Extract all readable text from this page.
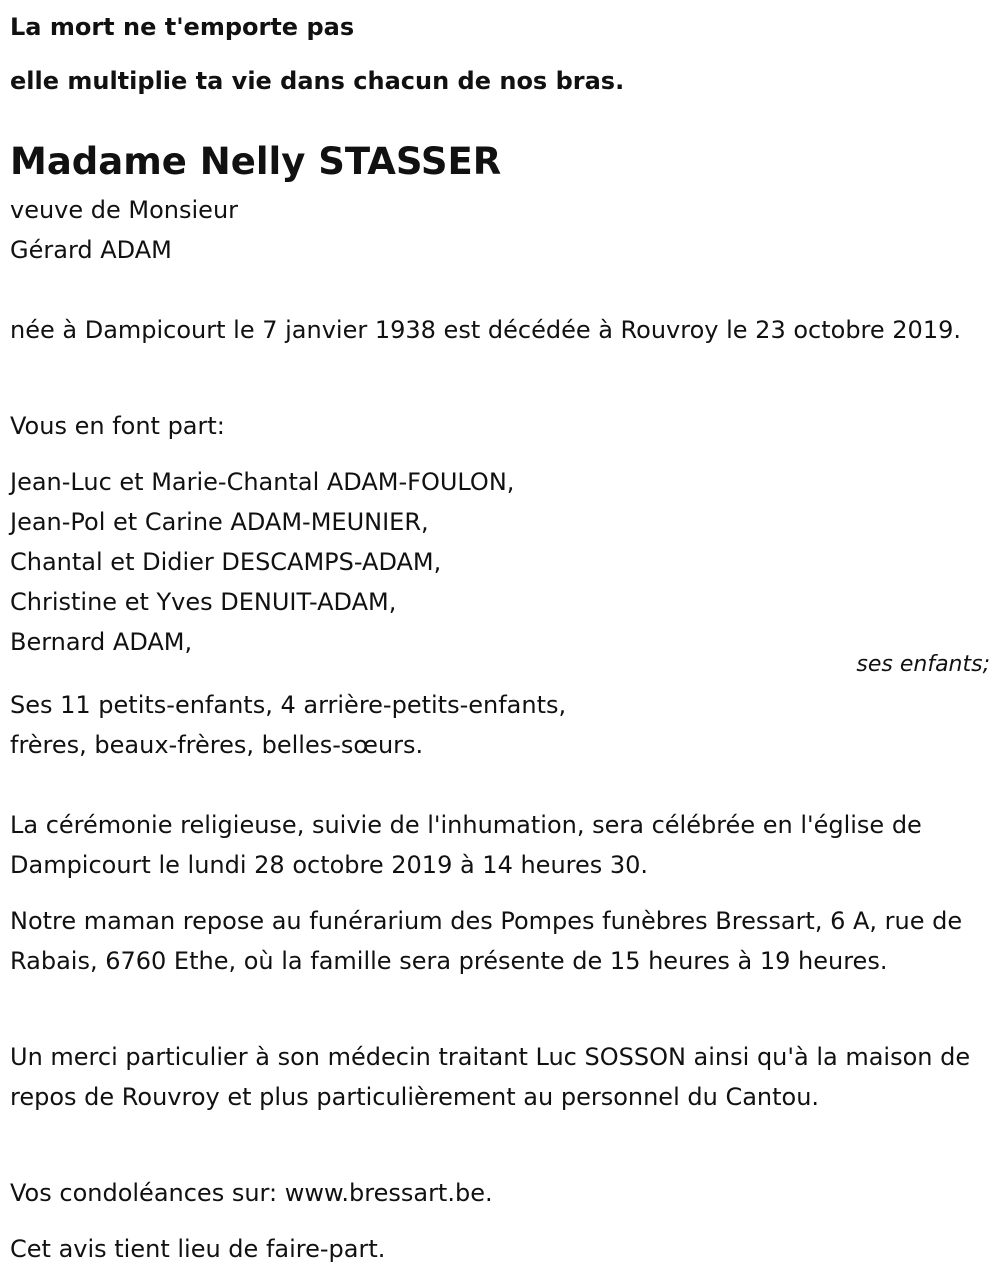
La mort ne t'emporte pas

elle multiplie ta vie dans chacun de nos bras.

Madame Nelly STASSER

veuve de Monsieur

Gérard ADAM

née à Dampicourt le 7 janvier 1938 est décédée à Rouvroy le 23 octobre 2019.

Vous en font part:

Jean-Luc et Marie-Chantal ADAM-FOULON,

Jean-Pol et Carine ADAM-MEUNIER,

Chantal et Didier DESCAMPS-ADAM,

Christine et Yves DENUIT-ADAM,

Bernard ADAM,

ses enfants;

Ses 11 petits-enfants, 4 arrière-petits-enfants,

frères, beaux-frères, belles-sœurs.

La cérémonie religieuse, suivie de l'inhumation, sera célébrée en l'église de Dampicourt le lundi 28 octobre 2019 à 14 heures 30.

Notre maman repose au funérarium des Pompes funèbres Bressart, 6 A, rue de Rabais, 6760 Ethe, où la famille sera présente de 15 heures à 19 heures.

Un merci particulier à son médecin traitant Luc SOSSON ainsi qu'à la maison de repos de Rouvroy et plus particulièrement au personnel du Cantou.

Vos condoléances sur: www.bressart.be.

Cet avis tient lieu de faire-part.
